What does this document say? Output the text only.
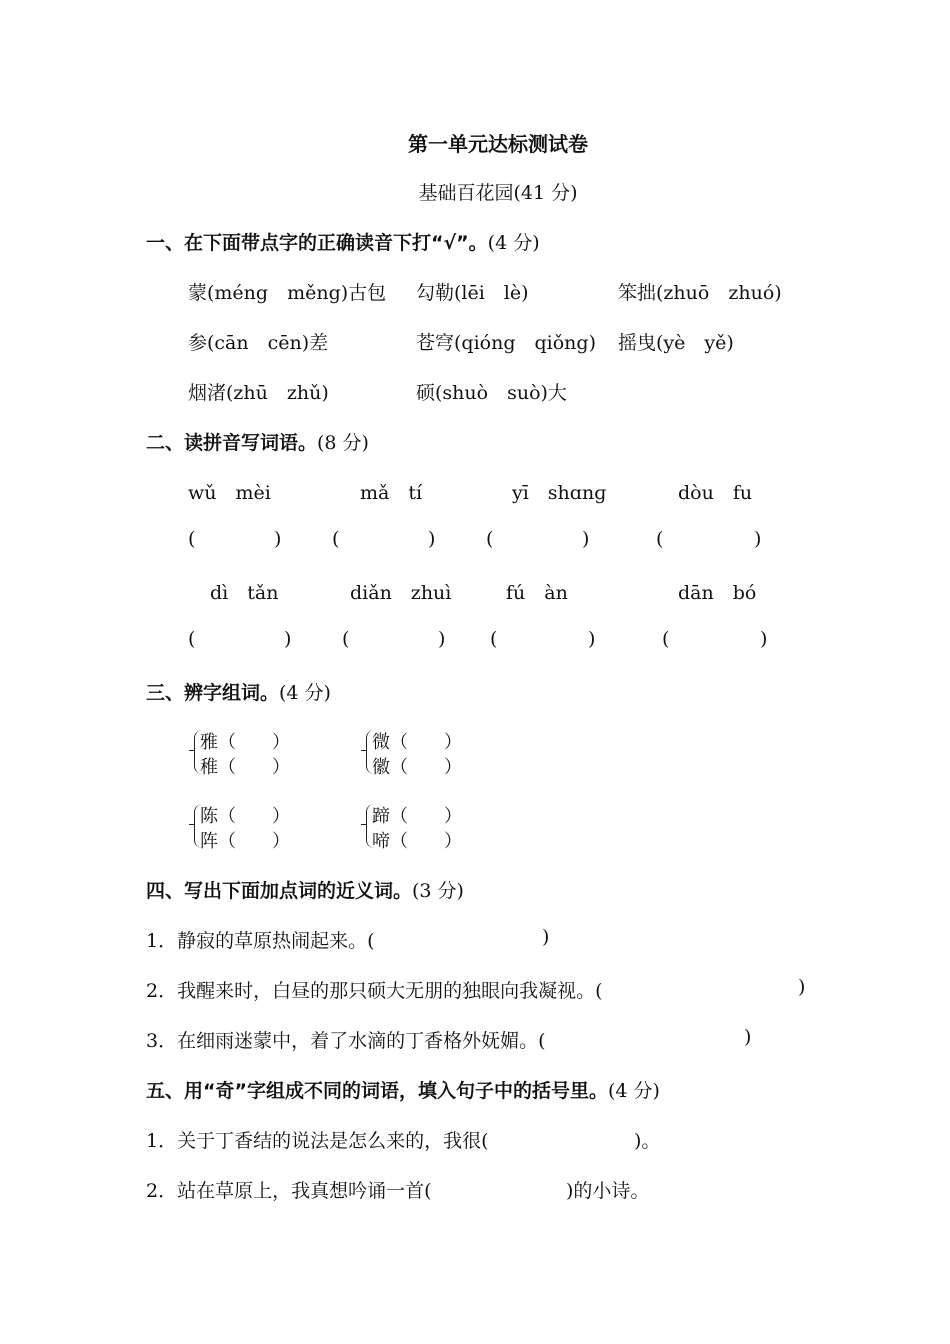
第一单元达标测试卷
基础百花园(41 分)
一、在下面带点字的正确读音下打“√”。(4 分)
蒙(méng　měng)古包 勾勒(lēi　lè)	笨拙(zhuō　zhuó)
参(cān　cēn)差	苍穹(qióng　qiǒng) 摇曳(yè　yě)
烟渚(zhū　zhǔ)	硕(shuò　suò)大
二、读拼音写词语。(8 分)
wǔ　mèi	mǎ　tí	yī　shɑnɡ	dòu　fu
(	)	(	)	(	)	(	)
dì　tǎn	diǎn　zhuì	fú　àn	dān　bó
(	)	(	) (	)	(	)
三、辨字组词。(4 分)
雅（　　）
稚（　　）
微（　　）
徽（　　）
陈（　　）
阵（　　）
蹄（　　）
啼（　　）
四、写出下面加点词的近义词。(3 分)
1．静寂的草原热闹起来。(	)
2．我醒来时，白昼的那只硕大无朋的独眼向我凝视。(	)
3．在细雨迷蒙中，着了水滴的丁香格外妩媚。(	)
五、用“奇”字组成不同的词语，填入句子中的括号里。(4 分)
1．关于丁香结的说法是怎么来的，我很(	)。
2．站在草原上，我真想吟诵一首(	)的小诗。
